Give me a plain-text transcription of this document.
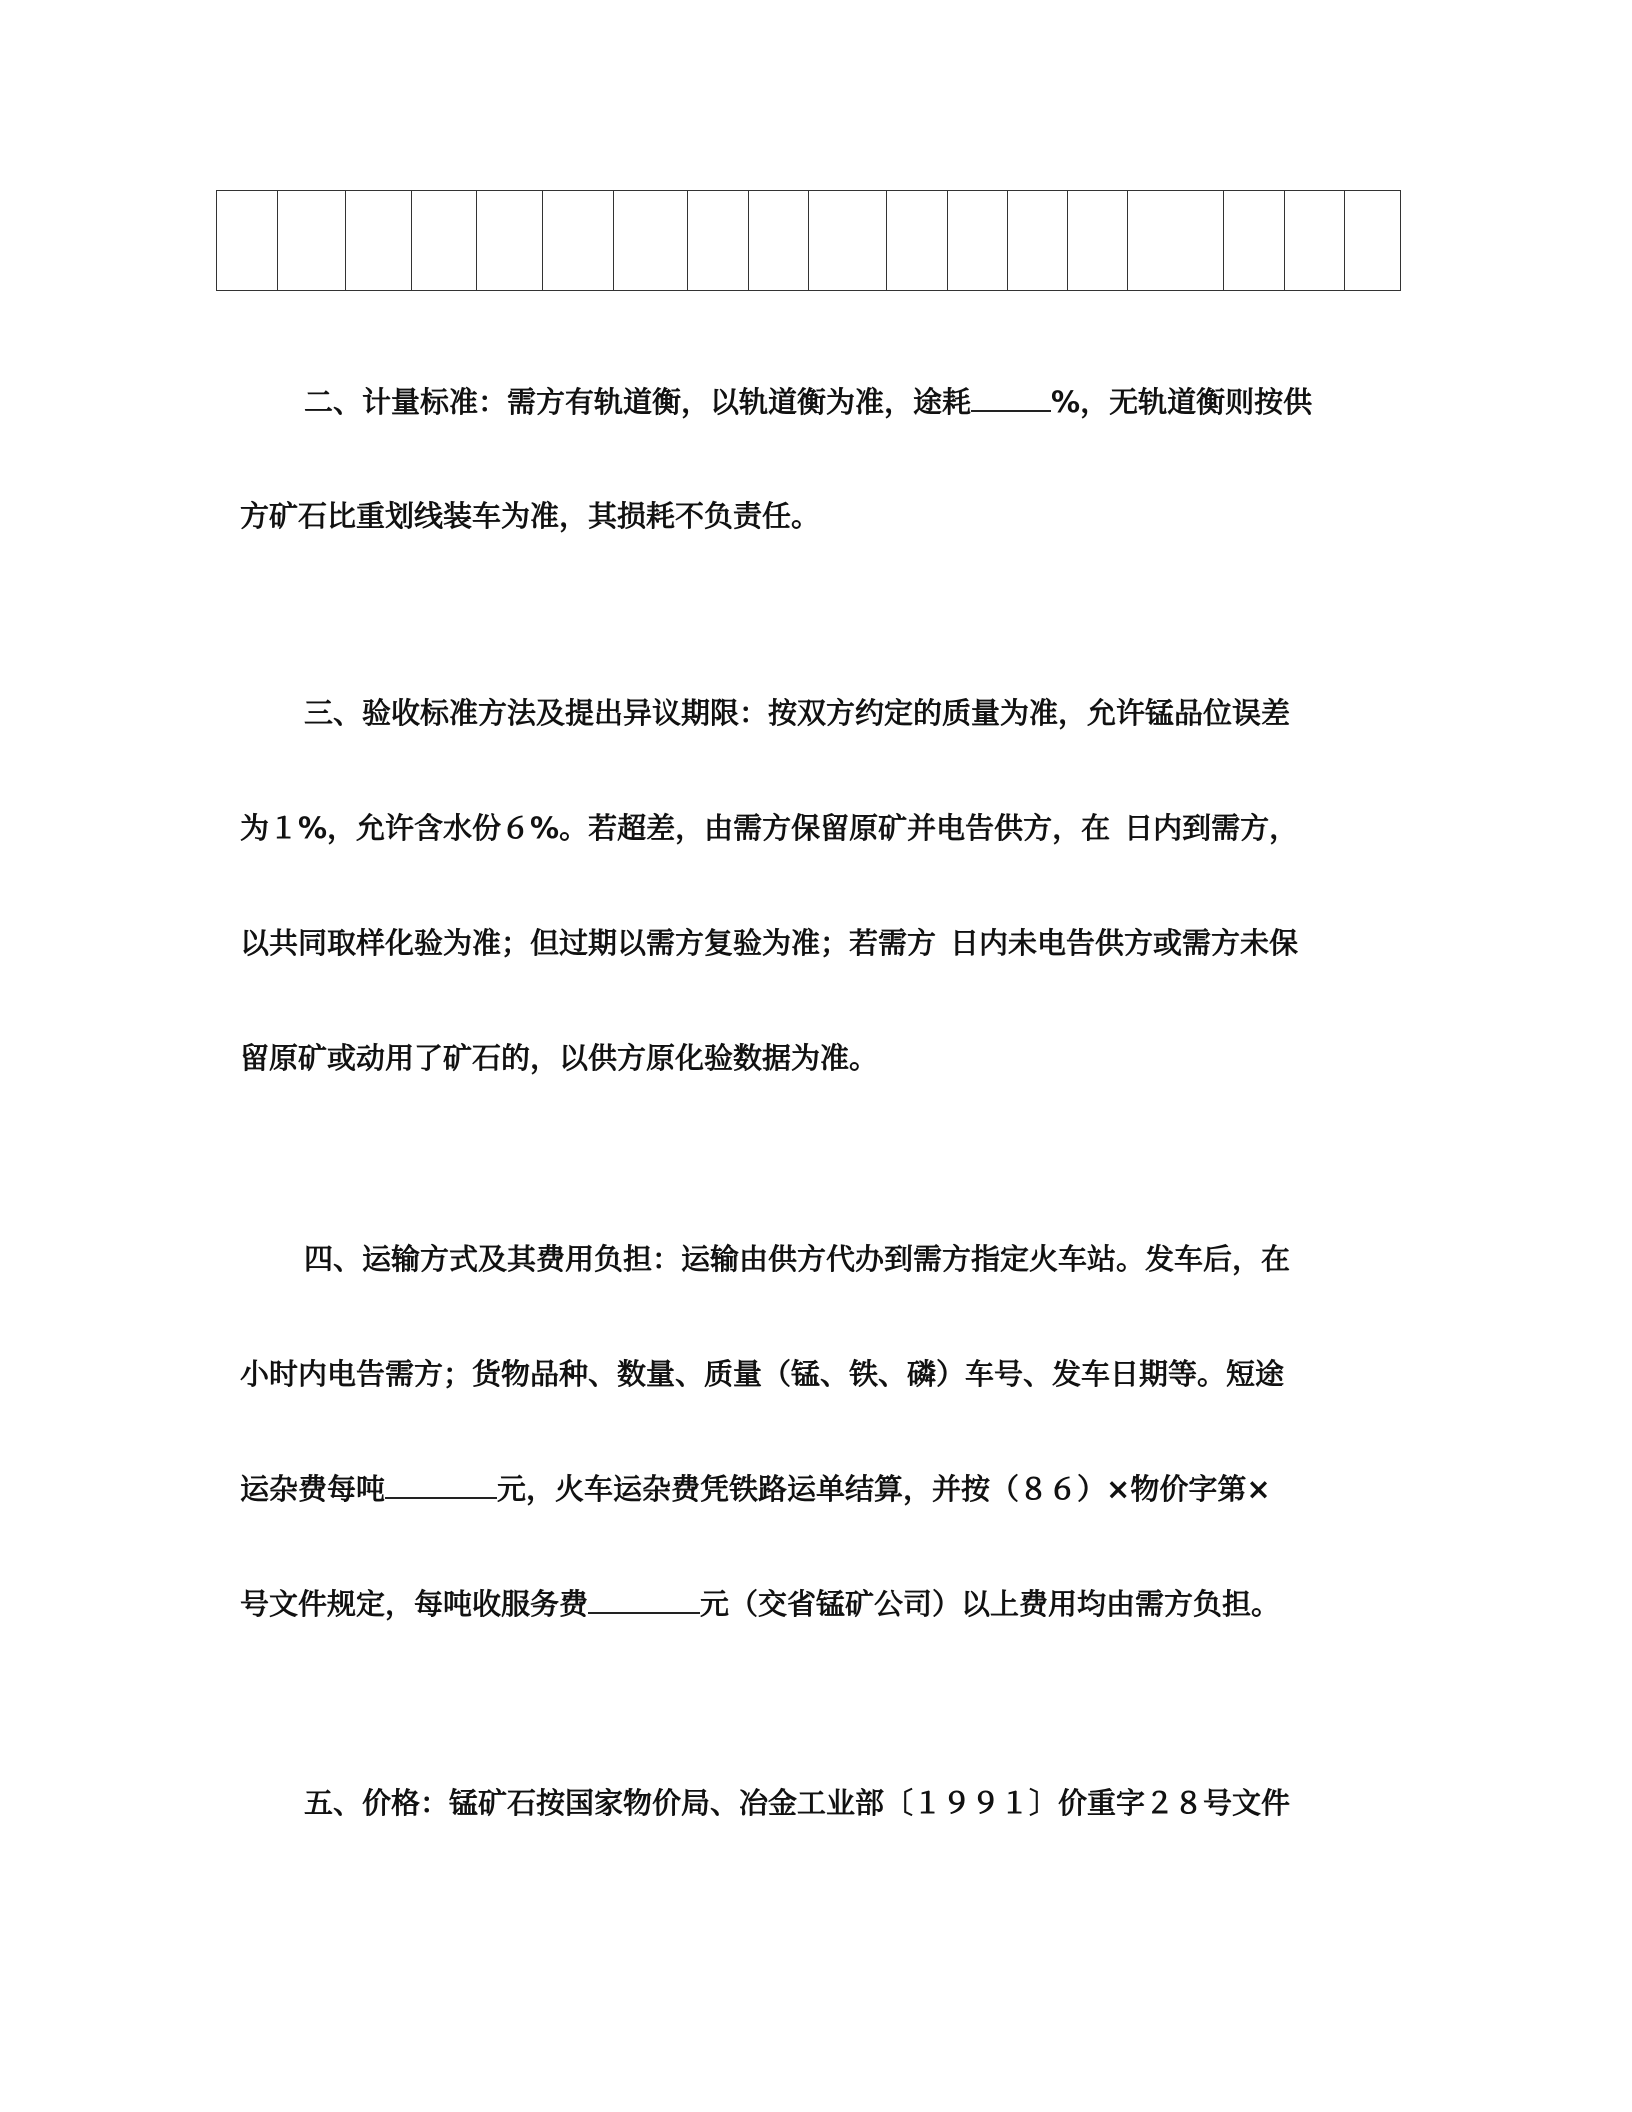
二、计量标准：需方有轨道衡，以轨道衡为准，途耗	%，无轨道衡则按供
方矿石比重划线装车为准，其损耗不负责任。
三、验收标准方法及提出异议期限：按双方约定的质量为准，允许锰品位误差
为１%，允许含水份６%。若超差，由需方保留原矿并电告供方，在 日内到需方，
以共同取样化验为准；但过期以需方复验为准；若需方 日内未电告供方或需方未保
留原矿或动用了矿石的，以供方原化验数据为准。
四、运输方式及其费用负担：运输由供方代办到需方指定火车站。发车后，在
小时内电告需方；货物品种、数量、质量（锰、铁、磷）车号、发车日期等。短途
运杂费每吨	元，火车运杂费凭铁路运单结算，并按（８６）×物价字第×
号文件规定，每吨收服务费	元（交省锰矿公司）以上费用均由需方负担。
五、价格：锰矿石按国家物价局、冶金工业部〔１９９１〕价重字２８号文件
